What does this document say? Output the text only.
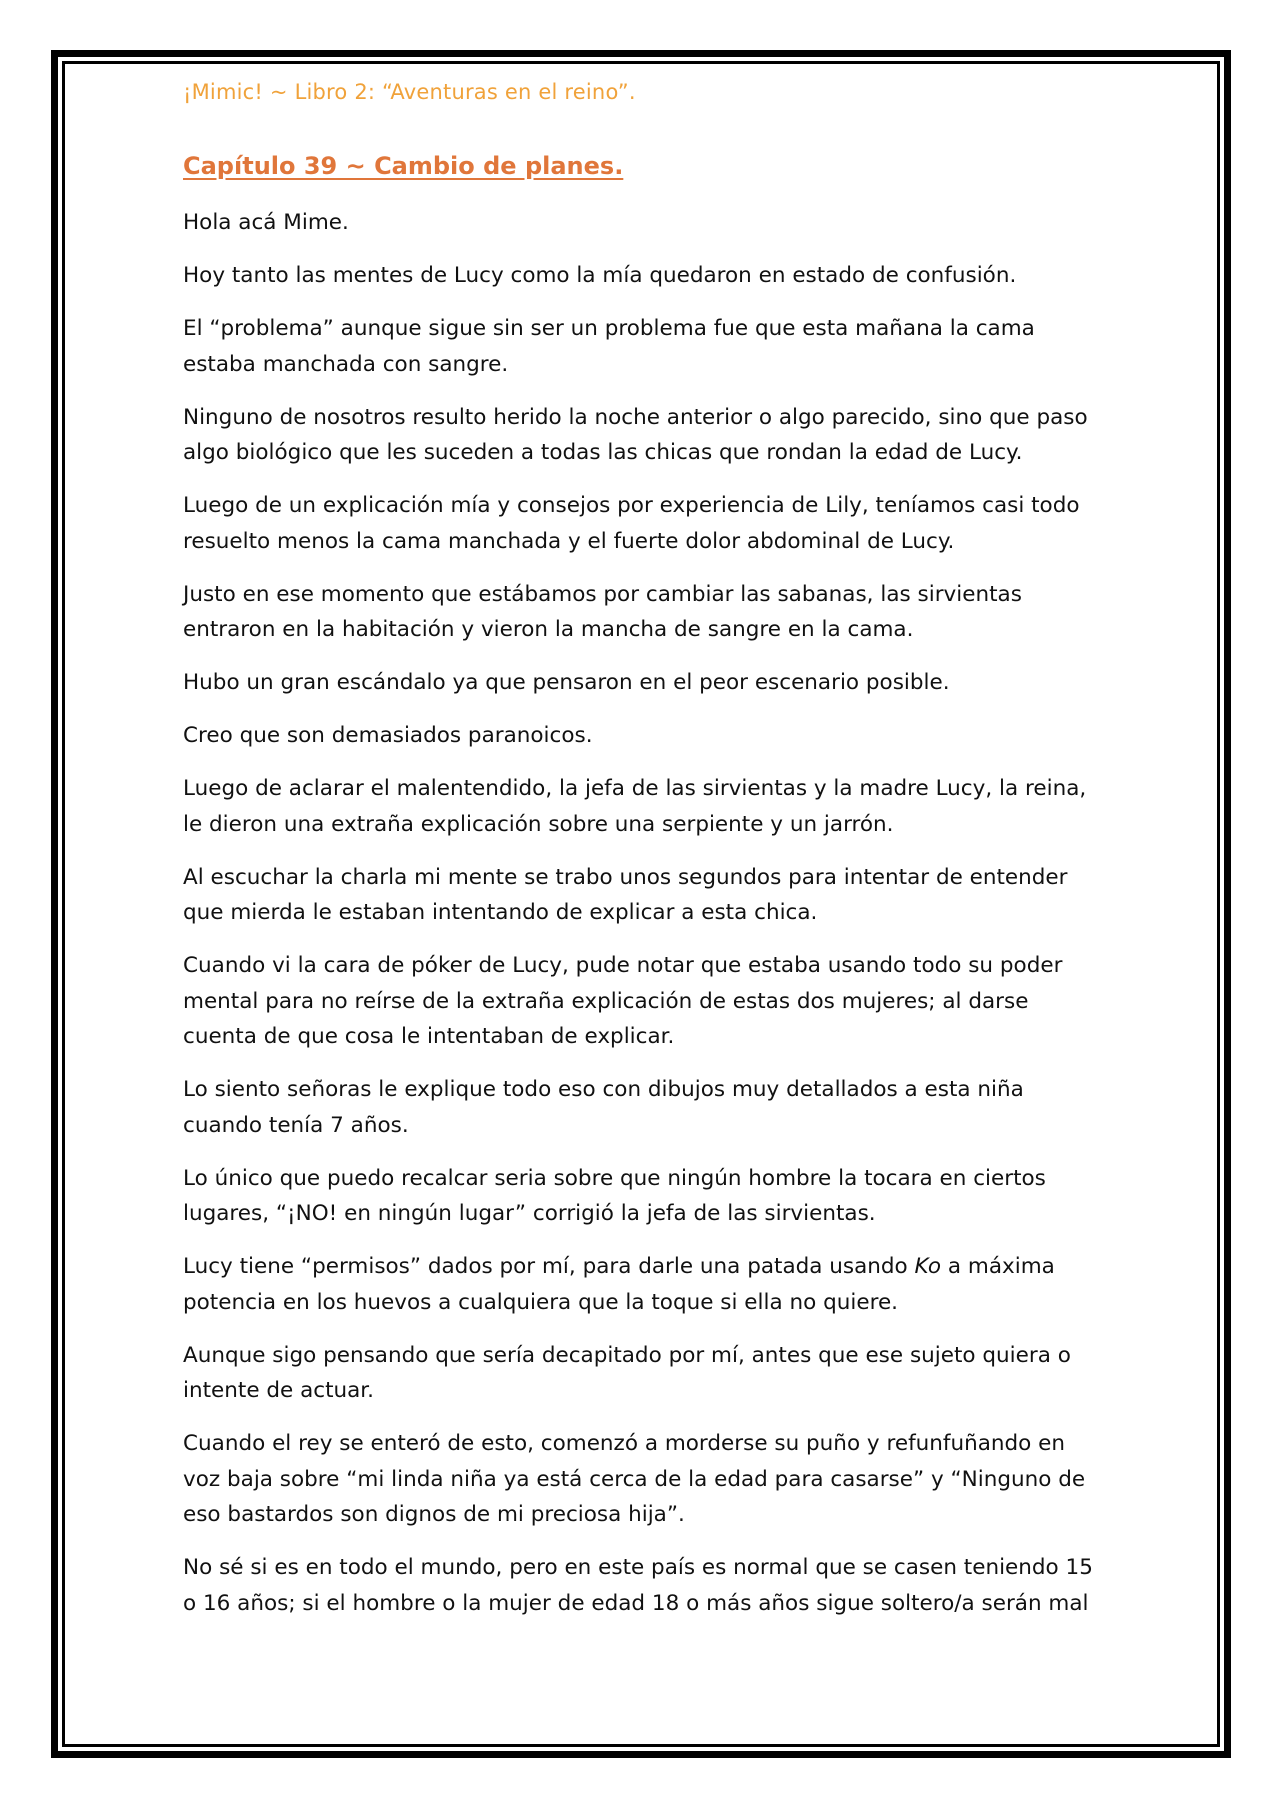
¡Mimic! ~ Libro 2: “Aventuras en el reino”.

Capítulo 39 ~ Cambio de planes.

Hola acá Mime.

Hoy tanto las mentes de Lucy como la mía quedaron en estado de confusión.

El “problema” aunque sigue sin ser un problema fue que esta mañana la cama estaba manchada con sangre.

Ninguno de nosotros resulto herido la noche anterior o algo parecido, sino que paso algo biológico que les suceden a todas las chicas que rondan la edad de Lucy.

Luego de un explicación mía y consejos por experiencia de Lily, teníamos casi todo resuelto menos la cama manchada y el fuerte dolor abdominal de Lucy.

Justo en ese momento que estábamos por cambiar las sabanas, las sirvientas entraron en la habitación y vieron la mancha de sangre en la cama.

Hubo un gran escándalo ya que pensaron en el peor escenario posible.

Creo que son demasiados paranoicos.

Luego de aclarar el malentendido, la jefa de las sirvientas y la madre Lucy, la reina, le dieron una extraña explicación sobre una serpiente y un jarrón.

Al escuchar la charla mi mente se trabo unos segundos para intentar de entender que mierda le estaban intentando de explicar a esta chica.

Cuando vi la cara de póker de Lucy, pude notar que estaba usando todo su poder mental para no reírse de la extraña explicación de estas dos mujeres; al darse cuenta de que cosa le intentaban de explicar.

Lo siento señoras le explique todo eso con dibujos muy detallados a esta niña cuando tenía 7 años.

Lo único que puedo recalcar seria sobre que ningún hombre la tocara en ciertos lugares, “¡NO! en ningún lugar” corrigió la jefa de las sirvientas.

Lucy tiene “permisos” dados por mí, para darle una patada usando Ko a máxima potencia en los huevos a cualquiera que la toque si ella no quiere.

Aunque sigo pensando que sería decapitado por mí, antes que ese sujeto quiera o intente de actuar.

Cuando el rey se enteró de esto, comenzó a morderse su puño y refunfuñando en voz baja sobre “mi linda niña ya está cerca de la edad para casarse” y “Ninguno de eso bastardos son dignos de mi preciosa hija”.

No sé si es en todo el mundo, pero en este país es normal que se casen teniendo 15 o 16 años; si el hombre o la mujer de edad 18 o más años sigue soltero/a serán mal
